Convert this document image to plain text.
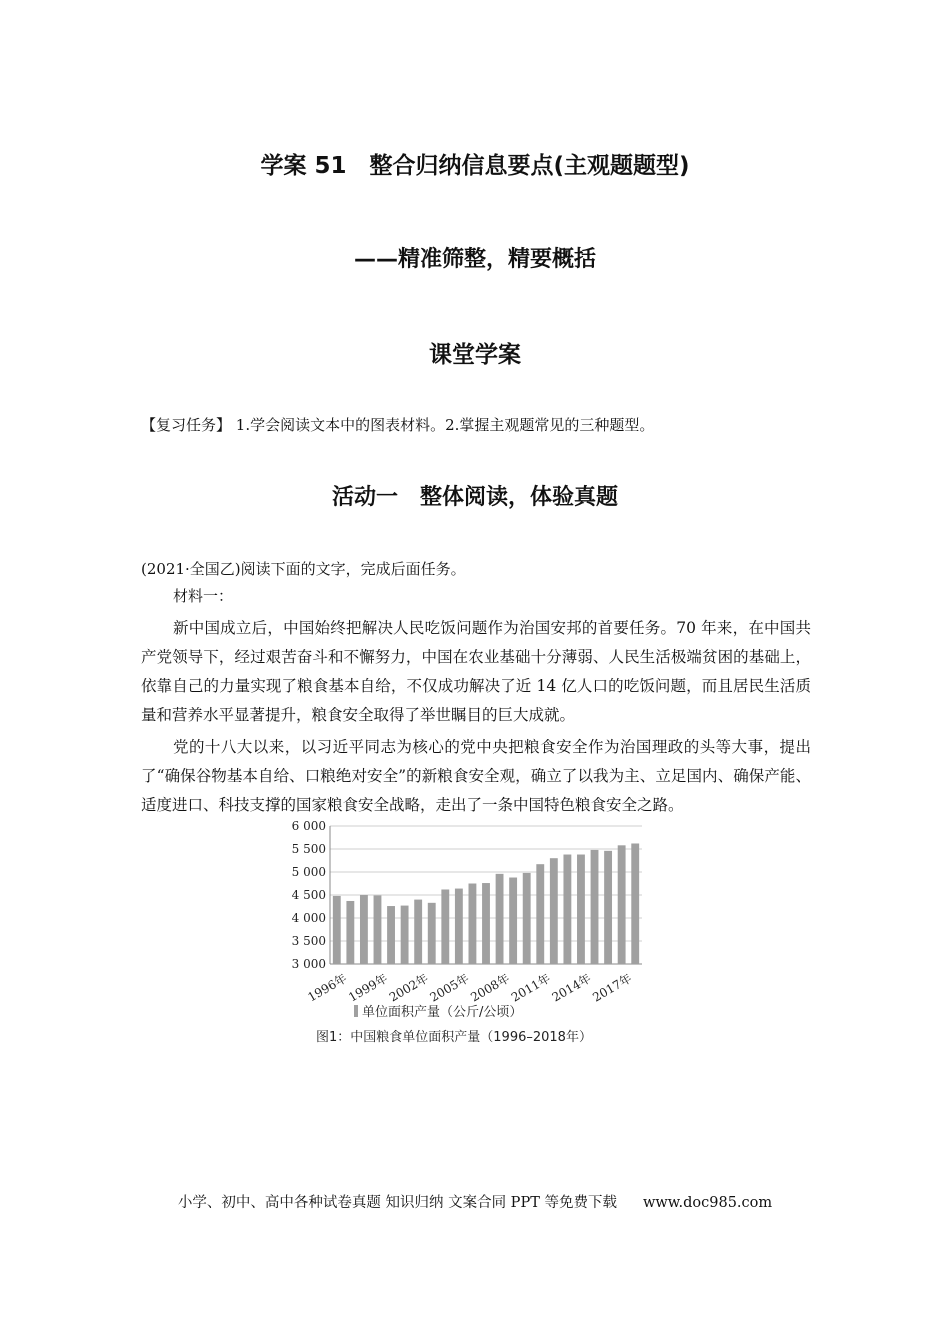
学案 51　整合归纳信息要点(主观题题型)
——精准筛整，精要概括
课堂学案
【复习任务】 1.学会阅读文本中的图表材料。2.掌握主观题常见的三种题型。
活动一　整体阅读，体验真题
(2021·全国乙)阅读下面的文字，完成后面任务。
材料一：
新中国成立后，中国始终把解决人民吃饭问题作为治国安邦的首要任务。70 年来，在中国共产党领导下，经过艰苦奋斗和不懈努力，中国在农业基础十分薄弱、人民生活极端贫困的基础上，依靠自己的力量实现了粮食基本自给，不仅成功解决了近 14 亿人口的吃饭问题，而且居民生活质量和营养水平显著提升，粮食安全取得了举世瞩目的巨大成就。
党的十八大以来，以习近平同志为核心的党中央把粮食安全作为治国理政的头等大事，提出了“确保谷物基本自给、口粮绝对安全”的新粮食安全观，确立了以我为主、立足国内、确保产能、适度进口、科技支撑的国家粮食安全战略，走出了一条中国特色粮食安全之路。
6 000
5 500
5 000
4 500
4 000
3 500
3 000
1996年
1999年
2002年
2005年
2008年
2011年
2014年
2017年
单位面积产量（公斤/公顷）
图1：中国粮食单位面积产量（1996–2018年）
小学、初中、高中各种试卷真题 知识归纳 文案合同 PPT 等免费下载 www.doc985.com
